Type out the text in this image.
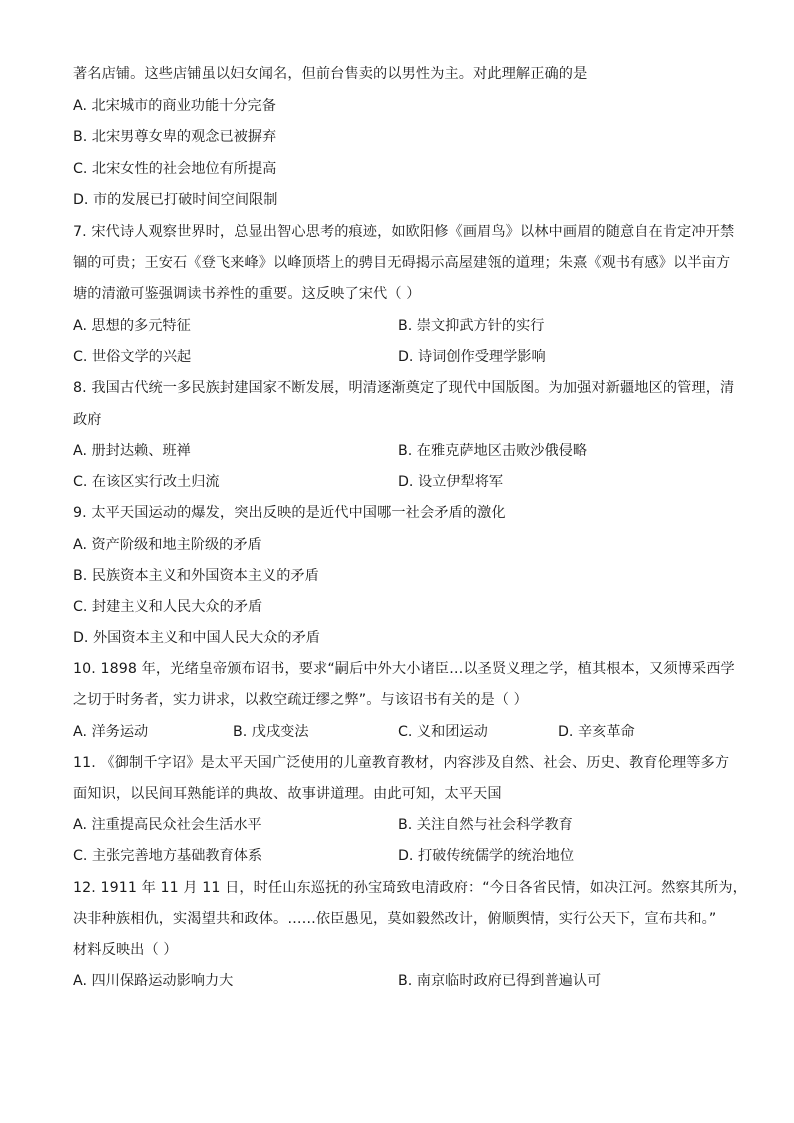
著名店铺。这些店铺虽以妇女闻名，但前台售卖的以男性为主。对此理解正确的是
A. 北宋城市的商业功能十分完备
B. 北宋男尊女卑的观念已被摒弃
C. 北宋女性的社会地位有所提高
D. 市的发展已打破时间空间限制
7. 宋代诗人观察世界时，总显出智心思考的痕迹，如欧阳修《画眉鸟》以林中画眉的随意自在肯定冲开禁
锢的可贵；王安石《登飞来峰》以峰顶塔上的骋目无碍揭示高屋建瓴的道理；朱熹《观书有感》以半亩方
塘的清澈可鉴强调读书养性的重要。这反映了宋代（ ）
A. 思想的多元特征	B. 崇文抑武方针的实行
C. 世俗文学的兴起	D. 诗词创作受理学影响
8. 我国古代统一多民族封建国家不断发展，明清逐渐奠定了现代中国版图。为加强对新疆地区的管理，清
政府
A. 册封达赖、班禅	B. 在雅克萨地区击败沙俄侵略
C. 在该区实行改土归流	D. 设立伊犁将军
9. 太平天国运动的爆发，突出反映的是近代中国哪一社会矛盾的激化
A. 资产阶级和地主阶级的矛盾
B. 民族资本主义和外国资本主义的矛盾
C. 封建主义和人民大众的矛盾
D. 外国资本主义和中国人民大众的矛盾
10. 1898 年，光绪皇帝颁布诏书，要求“嗣后中外大小诸臣…以圣贤义理之学，植其根本，又须博采西学
之切于时务者，实力讲求，以救空疏迂缪之弊”。与该诏书有关的是（ ）
A. 洋务运动	B. 戊戌变法	C. 义和团运动	D. 辛亥革命
11. 《御制千字诏》是太平天国广泛使用的儿童教育教材，内容涉及自然、社会、历史、教育伦理等多方
面知识，以民间耳熟能详的典故、故事讲道理。由此可知，太平天国
A. 注重提高民众社会生活水平	B. 关注自然与社会科学教育
C. 主张完善地方基础教育体系	D. 打破传统儒学的统治地位
12. 1911 年 11 月 11 日，时任山东巡抚的孙宝琦致电清政府：“今日各省民情，如决江河。然察其所为，
决非种族相仇，实渴望共和政体。……依臣愚见，莫如毅然改计，俯顺舆情，实行公天下，宣布共和。”
材料反映出（ ）
A. 四川保路运动影响力大	B. 南京临时政府已得到普遍认可
